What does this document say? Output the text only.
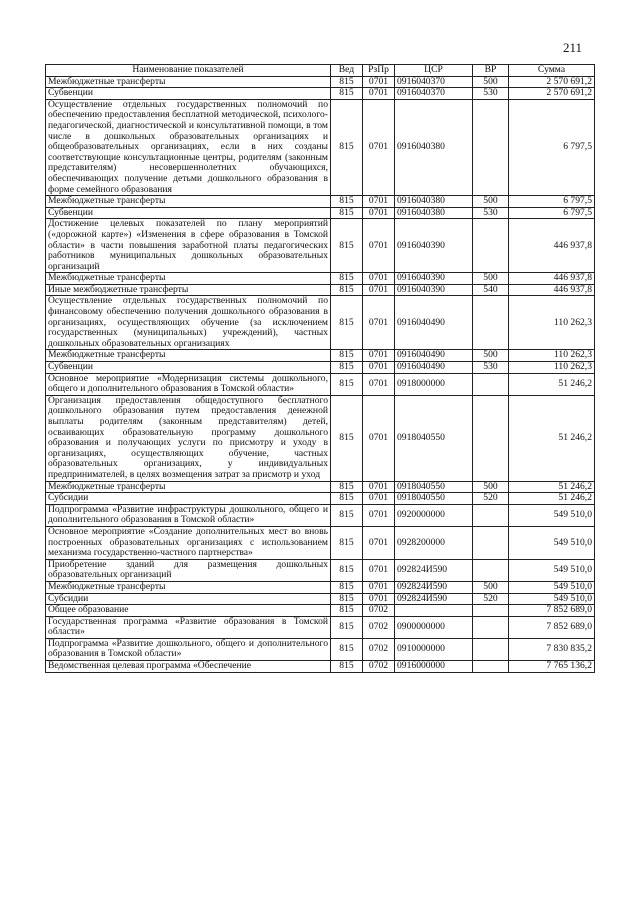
211
Наименование показателей	Вед	РзПр	ЦСР	ВР	Сумма
Межбюджетные трансферты	815	0701	0916040370	500	2 570 691,2
Субвенции	815	0701	0916040370	530	2 570 691,2
Осуществление отдельных государственных полномочий по обеспечению предоставления бесплатной методической, психолого-педагогической, диагностической и консультативной помощи, в том числе в дошкольных образовательных организациях и общеобразовательных организациях, если в них созданы соответствующие консультационные центры, родителям (законным представителям) несовершеннолетних обучающихся, обеспечивающих получение детьми дошкольного образования в форме семейного образования	815	0701	0916040380		6 797,5
Межбюджетные трансферты	815	0701	0916040380	500	6 797,5
Субвенции	815	0701	0916040380	530	6 797,5
Достижение целевых показателей по плану мероприятий («дорожной карте») «Изменения в сфере образования в Томской области» в части повышения заработной платы педагогических работников муниципальных дошкольных образовательных организаций	815	0701	0916040390		446 937,8
Межбюджетные трансферты	815	0701	0916040390	500	446 937,8
Иные межбюджетные трансферты	815	0701	0916040390	540	446 937,8
Осуществление отдельных государственных полномочий по финансовому обеспечению получения дошкольного образования в организациях, осуществляющих обучение (за исключением государственных (муниципальных) учреждений), частных дошкольных образовательных организациях	815	0701	0916040490		110 262,3
Межбюджетные трансферты	815	0701	0916040490	500	110 262,3
Субвенции	815	0701	0916040490	530	110 262,3
Основное мероприятие «Модернизация системы дошкольного, общего и дополнительного образования в Томской области»	815	0701	0918000000		51 246,2
Организация предоставления общедоступного бесплатного дошкольного образования путем предоставления денежной выплаты родителям (законным представителям) детей, осваивающих образовательную программу дошкольного образования и получающих услуги по присмотру и уходу в организациях, осуществляющих обучение, частных образовательных организациях, у индивидуальных предпринимателей, в целях возмещения затрат за присмотр и уход	815	0701	0918040550		51 246,2
Межбюджетные трансферты	815	0701	0918040550	500	51 246,2
Субсидии	815	0701	0918040550	520	51 246,2
Подпрограмма «Развитие инфраструктуры дошкольного, общего и дополнительного образования в Томской области»	815	0701	0920000000		549 510,0
Основное мероприятие «Создание дополнительных мест во вновь построенных образовательных организациях с использованием механизма государственно-частного партнерства»	815	0701	0928200000		549 510,0
Приобретение зданий для размещения дошкольных образовательных организаций	815	0701	092824И590		549 510,0
Межбюджетные трансферты	815	0701	092824И590	500	549 510,0
Субсидии	815	0701	092824И590	520	549 510,0
Общее образование	815	0702			7 852 689,0
Государственная программа «Развитие образования в Томской области»	815	0702	0900000000		7 852 689,0
Подпрограмма «Развитие дошкольного, общего и дополнительного образования в Томской области»	815	0702	0910000000		7 830 835,2
Ведомственная целевая программа «Обеспечение	815	0702	0916000000		7 765 136,2
